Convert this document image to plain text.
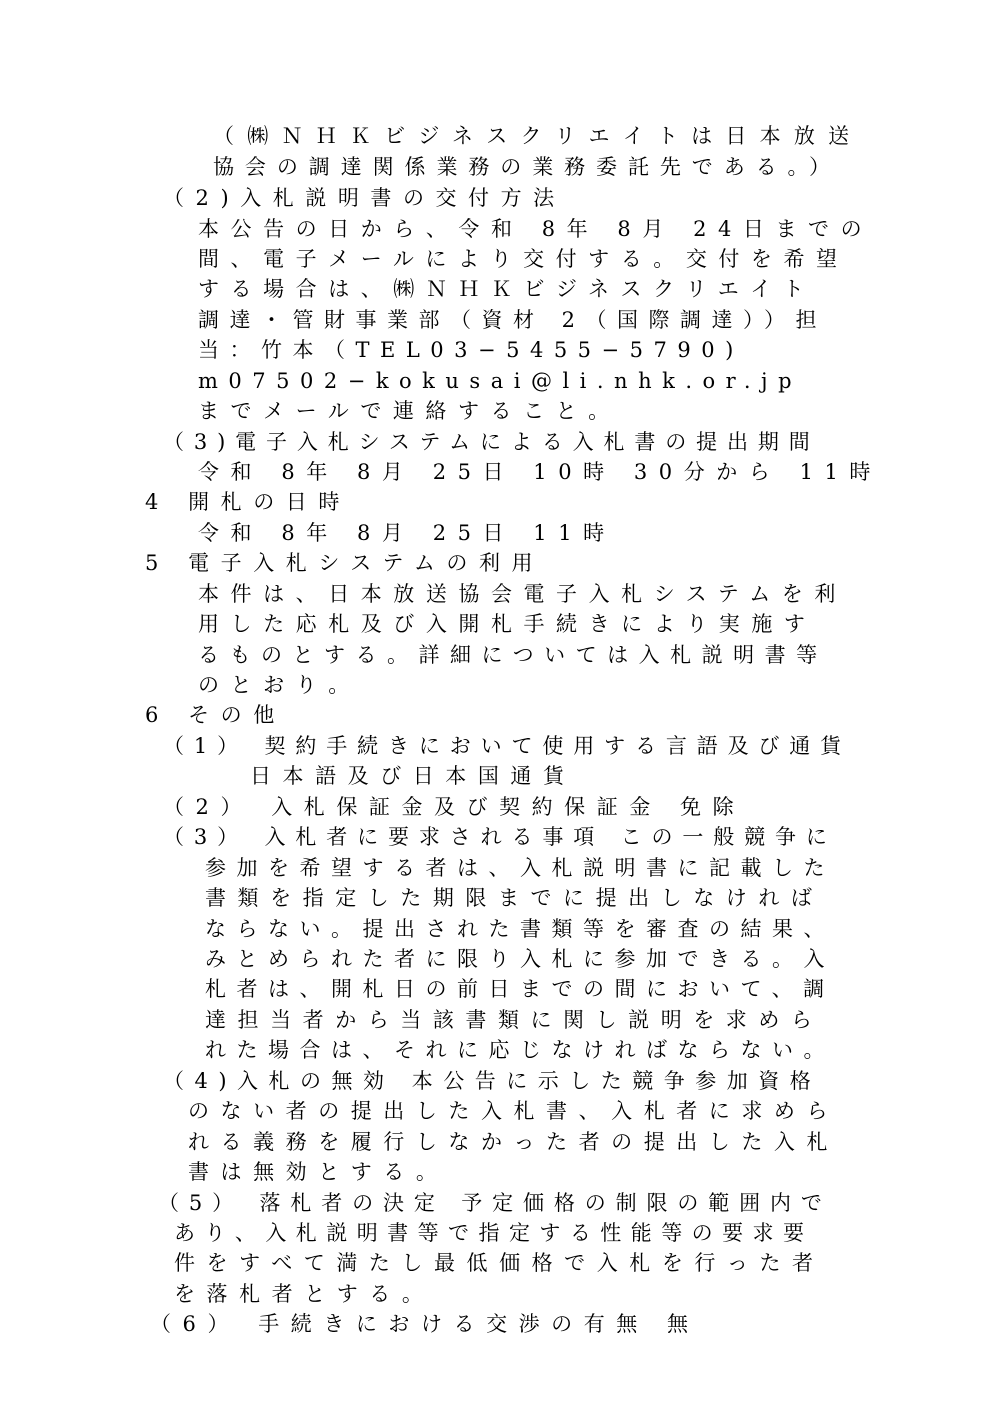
（㈱ＮＨＫビジネスクリエイトは日本放送
協会の調達関係業務の業務委託先である。）
（2)入札説明書の交付方法
本公告の日から、令和 8年 8月 24日までの
間、電子メールにより交付する。交付を希望
する場合は、㈱ＮＨＫビジネスクリエイト
調達・管財事業部（資材 2（国際調達））担
当：竹本（TEL03−5455−5790)
m07502−kokusai@li.nhk.or.jp
までメールで連絡すること。
（3)電子入札システムによる入札書の提出期間
令和 8年 8月 25日 10時 30分から 11時
4 開札の日時
令和 8年 8月 25日 11時
5 電子入札システムの利用
本件は、日本放送協会電子入札システムを利
用した応札及び入開札手続きにより実施す
るものとする。詳細については入札説明書等
のとおり。
6 その他
（1） 契約手続きにおいて使用する言語及び通貨
日本語及び日本国通貨
（2） 入札保証金及び契約保証金 免除
（3） 入札者に要求される事項 この一般競争に
参加を希望する者は、入札説明書に記載した
書類を指定した期限までに提出しなければ
ならない。提出された書類等を審査の結果、
みとめられた者に限り入札に参加できる。入
札者は、開札日の前日までの間において、調
達担当者から当該書類に関し説明を求めら
れた場合は、それに応じなければならない。
（4)入札の無効 本公告に示した競争参加資格
のない者の提出した入札書、入札者に求めら
れる義務を履行しなかった者の提出した入札
書は無効とする。
（5） 落札者の決定 予定価格の制限の範囲内で
あり、入札説明書等で指定する性能等の要求要
件をすべて満たし最低価格で入札を行った者
を落札者とする。
（6） 手続きにおける交渉の有無 無
